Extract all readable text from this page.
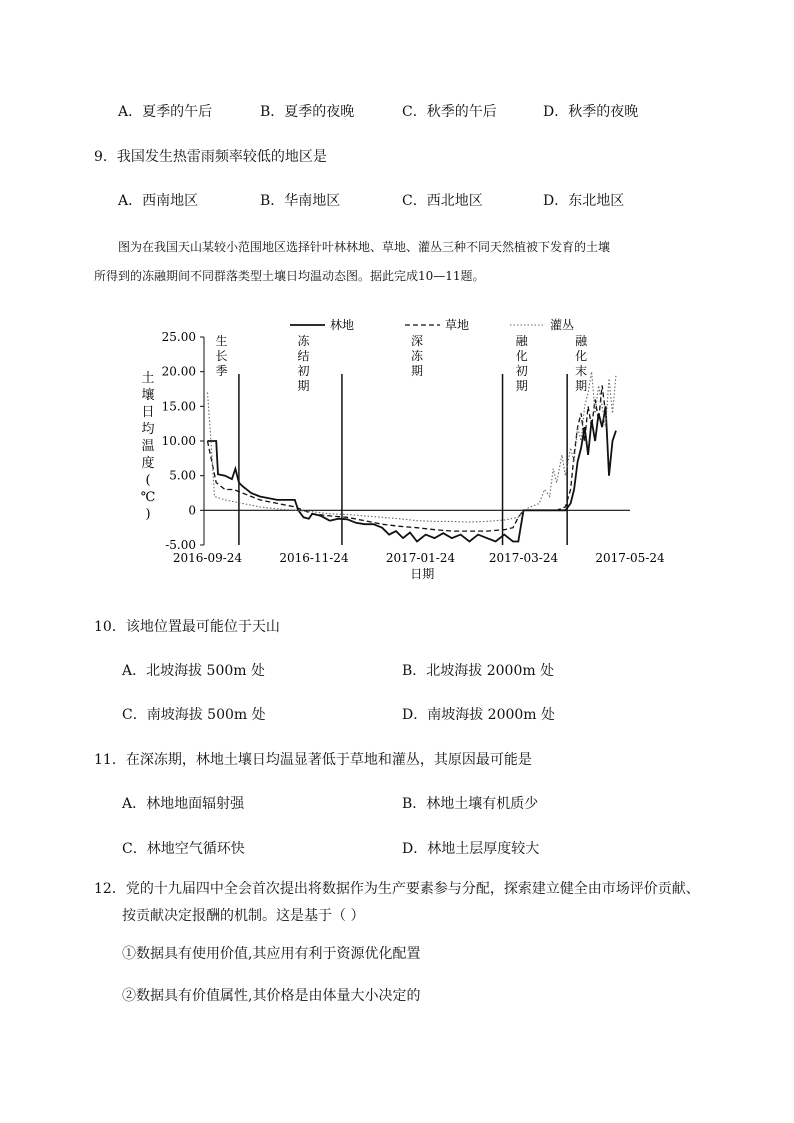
A．夏季的午后	B．夏季的夜晚	C．秋季的午后	D．秋季的夜晚
9．我国发生热雷雨频率较低的地区是
A．西南地区	B．华南地区	C．西北地区	D．东北地区
图为在我国天山某较小范围地区选择针叶林林地、草地、灌丛三种不同天然植被下发育的土壤
所得到的冻融期间不同群落类型土壤日均温动态图。据此完成10—11题。
25.00
20.00
15.00
10.00
5.00
0
-5.00
2016-09-24	2016-11-24	2017-01-24	2017-03-24	2017-05-24
日期
土
壤
日
均
温
度
(
℃
)
生
长
季
冻
结
初
期
深
冻
期
融
化
初
期
融
化
末
期
林地	草地	灌丛
10．该地位置最可能位于天山
A．北坡海拔 500m 处	B．北坡海拔 2000m 处
C．南坡海拔 500m 处	D．南坡海拔 2000m 处
11．在深冻期，林地土壤日均温显著低于草地和灌丛，其原因最可能是
A．林地地面辐射强	B．林地土壤有机质少
C．林地空气循环快	D．林地土层厚度较大
12．党的十九届四中全会首次提出将数据作为生产要素参与分配，探索建立健全由市场评价贡献、
按贡献决定报酬的机制。这是基于（ ）
①数据具有使用价值,其应用有利于资源优化配置
②数据具有价值属性,其价格是由体量大小决定的
